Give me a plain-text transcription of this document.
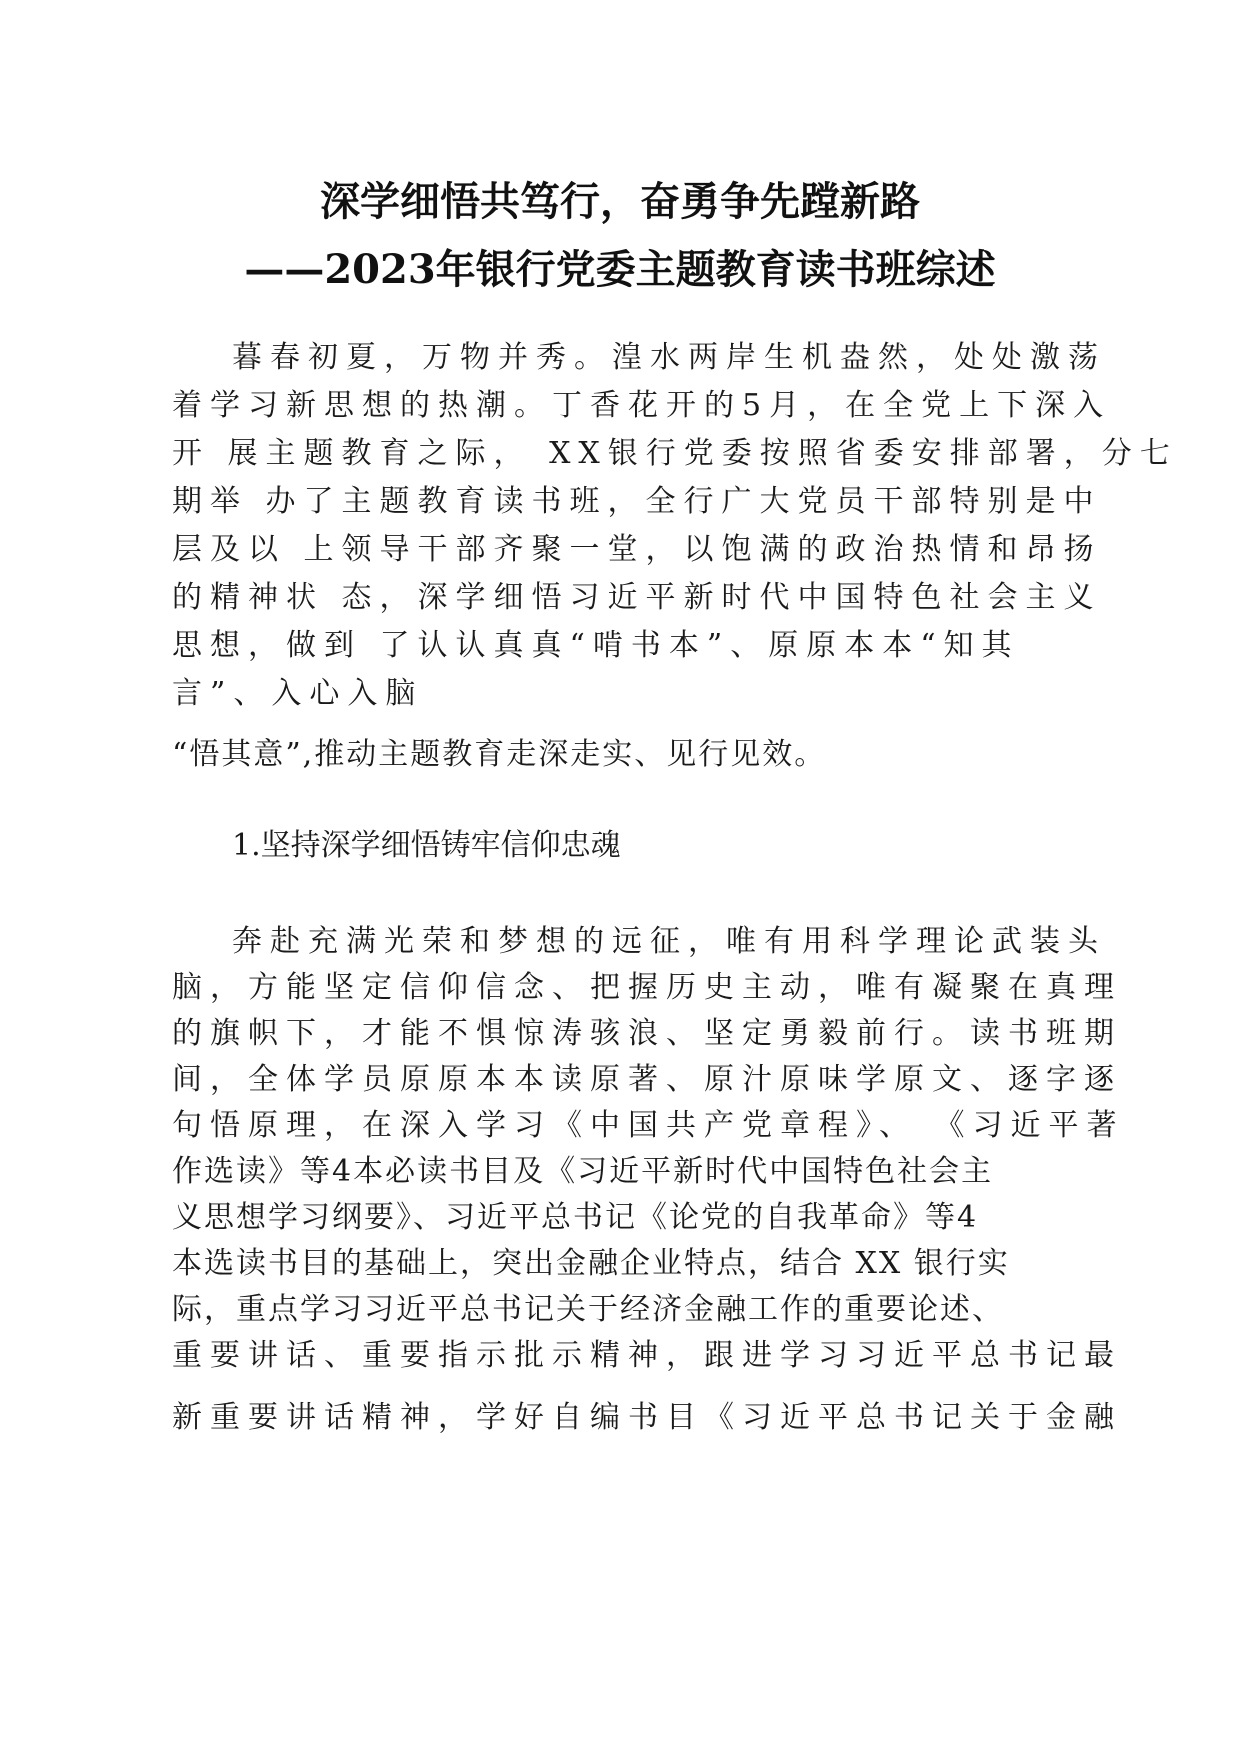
深学细悟共笃行，奋勇争先蹚新路
——2023年银行党委主题教育读书班综述
暮春初夏，万物并秀。湟水两岸生机盎然，处处激荡
着学习新思想的热潮。丁香花开的5月，在全党上下深入
开 展主题教育之际， XX银行党委按照省委安排部署，分七
期举 办了主题教育读书班，全行广大党员干部特别是中
层及以 上领导干部齐聚一堂，以饱满的政治热情和昂扬
的精神状 态，深学细悟习近平新时代中国特色社会主义
思想，做到 了认认真真“啃书本”、原原本本“知其
言”、入心入脑
“悟其意”,推动主题教育走深走实、见行见效。
1.坚持深学细悟铸牢信仰忠魂
奔赴充满光荣和梦想的远征，唯有用科学理论武装头
脑，方能坚定信仰信念、把握历史主动，唯有凝聚在真理
的旗帜下，才能不惧惊涛骇浪、坚定勇毅前行。读书班期
间，全体学员原原本本读原著、原汁原味学原文、逐字逐
句悟原理，在深入学习《中国共产党章程》、 《习近平著
作选读》等4本必读书目及《习近平新时代中国特色社会主
义思想学习纲要》、习近平总书记《论党的自我革命》等4
本选读书目的基础上，突出金融企业特点，结合 XX 银行实
际，重点学习习近平总书记关于经济金融工作的重要论述、
重要讲话、重要指示批示精神，跟进学习习近平总书记最
新重要讲话精神，学好自编书目《习近平总书记关于金融
